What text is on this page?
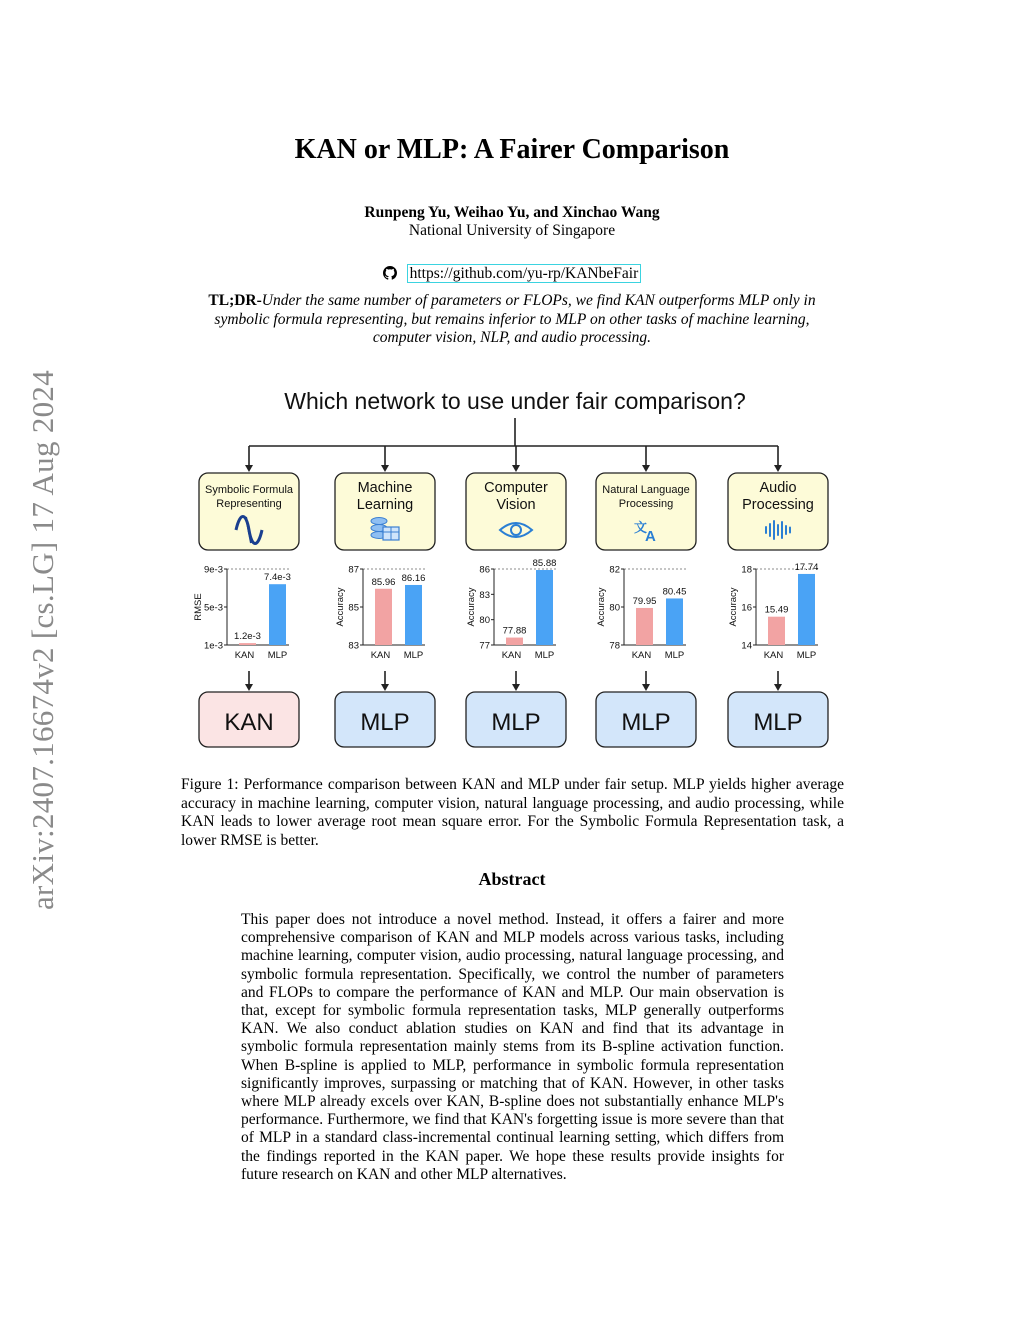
arXiv:2407.16674v2 [cs.LG] 17 Aug 2024
KAN or MLP: A Fairer Comparison
Runpeng Yu, Weihao Yu, and Xinchao Wang
National University of Singapore
https://github.com/yu-rp/KANbeFair
TL;DR-Under the same number of parameters or FLOPs, we find KAN outperforms MLP only in symbolic formula representing, but remains inferior to MLP on other tasks of machine learning, computer vision, NLP, and audio processing.
Which network to use under fair comparison?
Symbolic Formula
Representing
Machine
Learning
Computer
Vision
Natural Language
Processing
文
A
Audio
Processing
1e-3
5e-3
9e-3
RMSE
1.2e-3
KAN
7.4e-3
MLP
83
85
87
Accuracy
85.96
KAN
86.16
MLP
77
80
83
86
Accuracy
77.88
KAN
85.88
MLP
78
80
82
Accuracy	79.95
KAN
80.45
MLP
14
16
18
Accuracy	15.49
KAN
17.74
MLP
KAN	MLP	MLP	MLP	MLP
Figure 1: Performance comparison between KAN and MLP under fair setup. MLP yields higher average accuracy in machine learning, computer vision, natural language processing, and audio processing, while KAN leads to lower average root mean square error. For the Symbolic Formula Representation task, a lower RMSE is better.
Abstract
This paper does not introduce a novel method. Instead, it offers a fairer and more comprehensive comparison of KAN and MLP models across various tasks, including machine learning, computer vision, audio processing, natural language processing, and symbolic formula representation. Specifically, we control the number of parameters and FLOPs to compare the performance of KAN and MLP. Our main observation is that, except for symbolic formula representation tasks, MLP generally outperforms KAN. We also conduct ablation studies on KAN and find that its advantage in symbolic formula representation mainly stems from its B-spline activation function. When B-spline is applied to MLP, performance in symbolic formula representation significantly improves, surpassing or matching that of KAN. However, in other tasks where MLP already excels over KAN, B-spline does not substantially enhance MLP's performance. Furthermore, we find that KAN's forgetting issue is more severe than that of MLP in a standard class-incremental continual learning setting, which differs from the findings reported in the KAN paper. We hope these results provide insights for future research on KAN and other MLP alternatives.
